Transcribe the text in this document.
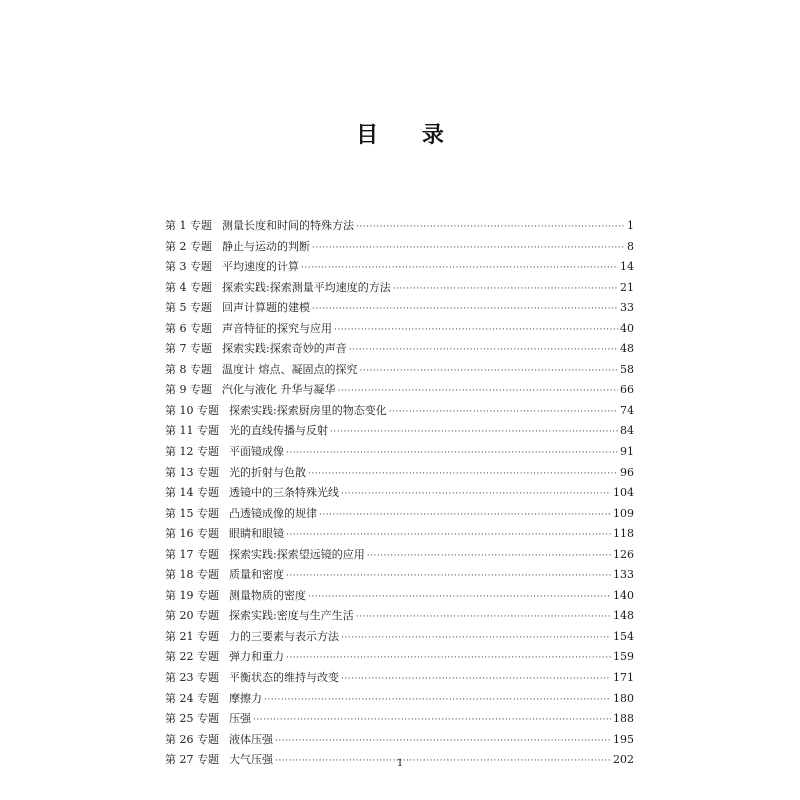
目 录
第 1 专题 测量长度和时间的特殊方法 ·····	1
第 2 专题 静止与运动的判断 ·····	8
第 3 专题 平均速度的计算 ·····	14
第 4 专题 探索实践:探索测量平均速度的方法 ·····	21
第 5 专题 回声计算题的建模 ·····	33
第 6 专题 声音特征的探究与应用 ·····	40
第 7 专题 探索实践:探索奇妙的声音 ·····	48
第 8 专题 温度计 熔点、凝固点的探究 ·····	58
第 9 专题 汽化与液化 升华与凝华 ·····	66
第 10 专题 探索实践:探索厨房里的物态变化 ·····	74
第 11 专题 光的直线传播与反射 ·····	84
第 12 专题 平面镜成像 ·····	91
第 13 专题 光的折射与色散 ·····	96
第 14 专题 透镜中的三条特殊光线 ·····	104
第 15 专题 凸透镜成像的规律 ·····	109
第 16 专题 眼睛和眼镜 ·····	118
第 17 专题 探索实践:探索望远镜的应用 ·····	126
第 18 专题 质量和密度 ·····	133
第 19 专题 测量物质的密度 ·····	140
第 20 专题 探索实践:密度与生产生活 ·····	148
第 21 专题 力的三要素与表示方法 ·····	154
第 22 专题 弹力和重力 ·····	159
第 23 专题 平衡状态的维持与改变 ·····	171
第 24 专题 摩擦力 ·····	180
第 25 专题 压强 ·····	188
第 26 专题 液体压强 ·····	195
第 27 专题 大气压强 ·····	202
1
